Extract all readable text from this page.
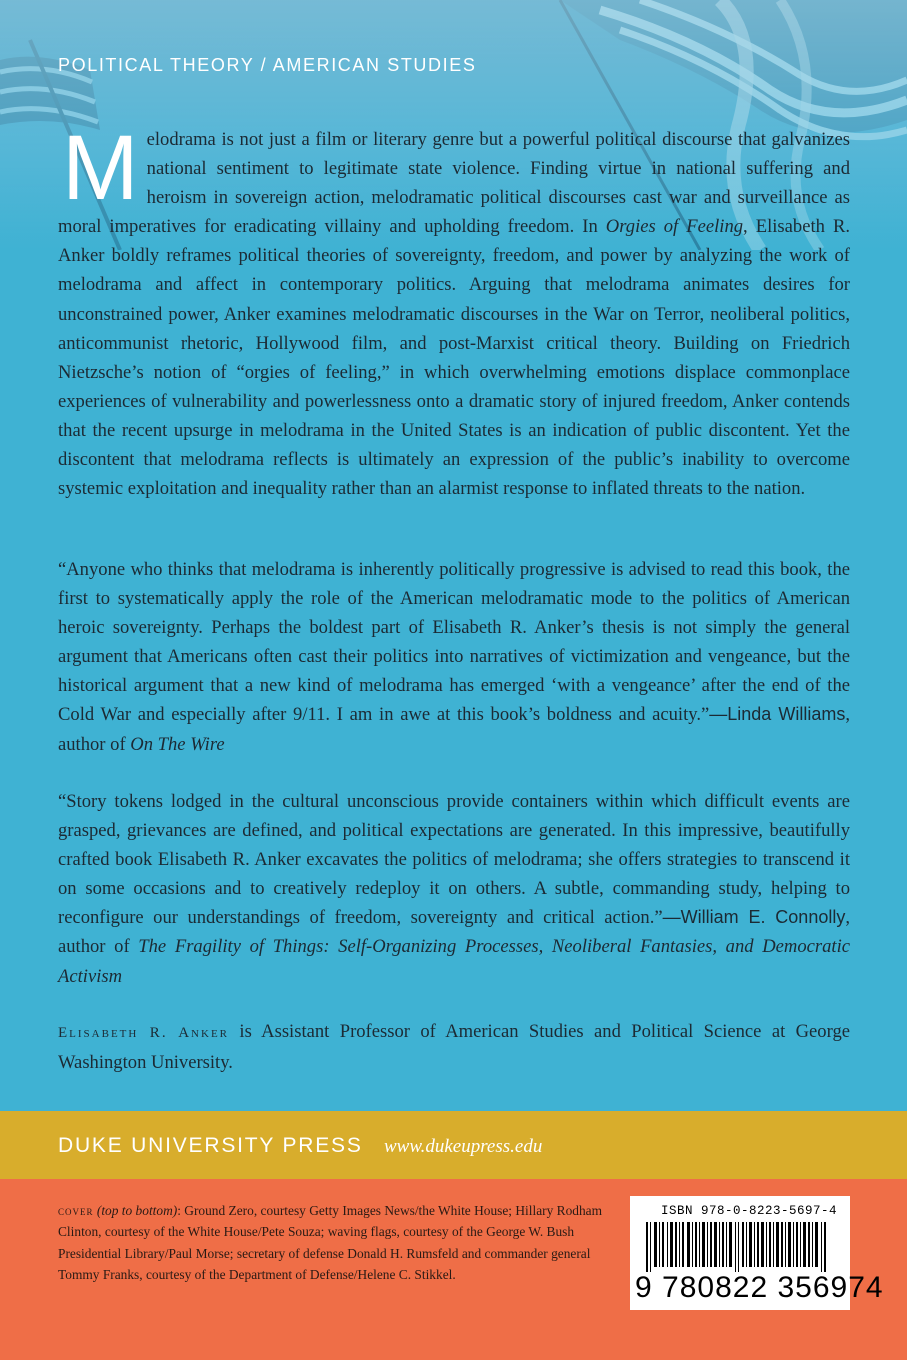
POLITICAL THEORY / AMERICAN STUDIES
Melodrama is not just a film or literary genre but a powerful political discourse that galvanizes national sentiment to legitimate state violence. Finding virtue in national suffering and heroism in sovereign action, melodramatic political discourses cast war and surveillance as moral imperatives for eradicating villainy and upholding freedom. In Orgies of Feeling, Elisabeth R. Anker boldly reframes political theories of sovereignty, freedom, and power by analyzing the work of melodrama and affect in contemporary politics. Arguing that melodrama animates desires for unconstrained power, Anker examines melodramatic discourses in the War on Terror, neoliberal politics, anticommunist rhetoric, Hollywood film, and post-Marxist critical theory. Building on Friedrich Nietzsche’s notion of “orgies of feeling,” in which overwhelming emotions displace commonplace experiences of vulnerability and powerlessness onto a dramatic story of injured freedom, Anker contends that the recent upsurge in melodrama in the United States is an indication of public discontent. Yet the discontent that melodrama reflects is ultimately an expression of the public’s inability to overcome systemic exploitation and inequality rather than an alarmist response to inflated threats to the nation.
“Anyone who thinks that melodrama is inherently politically progressive is advised to read this book, the first to systematically apply the role of the American melodramatic mode to the politics of American heroic sovereignty. Perhaps the boldest part of Elisabeth R. Anker’s thesis is not simply the general argument that Americans often cast their politics into narratives of victimization and vengeance, but the historical argument that a new kind of melodrama has emerged ‘with a vengeance’ after the end of the Cold War and especially after 9/11. I am in awe at this book’s boldness and acuity.”—Linda Williams, author of On The Wire
“Story tokens lodged in the cultural unconscious provide containers within which difficult events are grasped, grievances are defined, and political expectations are generated. In this impressive, beautifully crafted book Elisabeth R. Anker excavates the politics of melodrama; she offers strategies to transcend it on some occasions and to creatively redeploy it on others. A subtle, commanding study, helping to reconfigure our understandings of freedom, sovereignty and critical action.”—William E. Connolly, author of The Fragility of Things: Self-Organizing Processes, Neoliberal Fantasies, and Democratic Activism
Elisabeth R. Anker is Assistant Professor of American Studies and Political Science at George Washington University.
DUKE UNIVERSITY PRESS www.dukeupress.edu
cover (top to bottom): Ground Zero, courtesy Getty Images News/the White House; Hillary Rodham Clinton, courtesy of the White House/Pete Souza; waving flags, courtesy of the George W. Bush Presidential Library/Paul Morse; secretary of defense Donald H. Rumsfeld and commander general Tommy Franks, courtesy of the Department of Defense/Helene C. Stikkel.
ISBN 978-0-8223-5697-4
9 780822 356974
